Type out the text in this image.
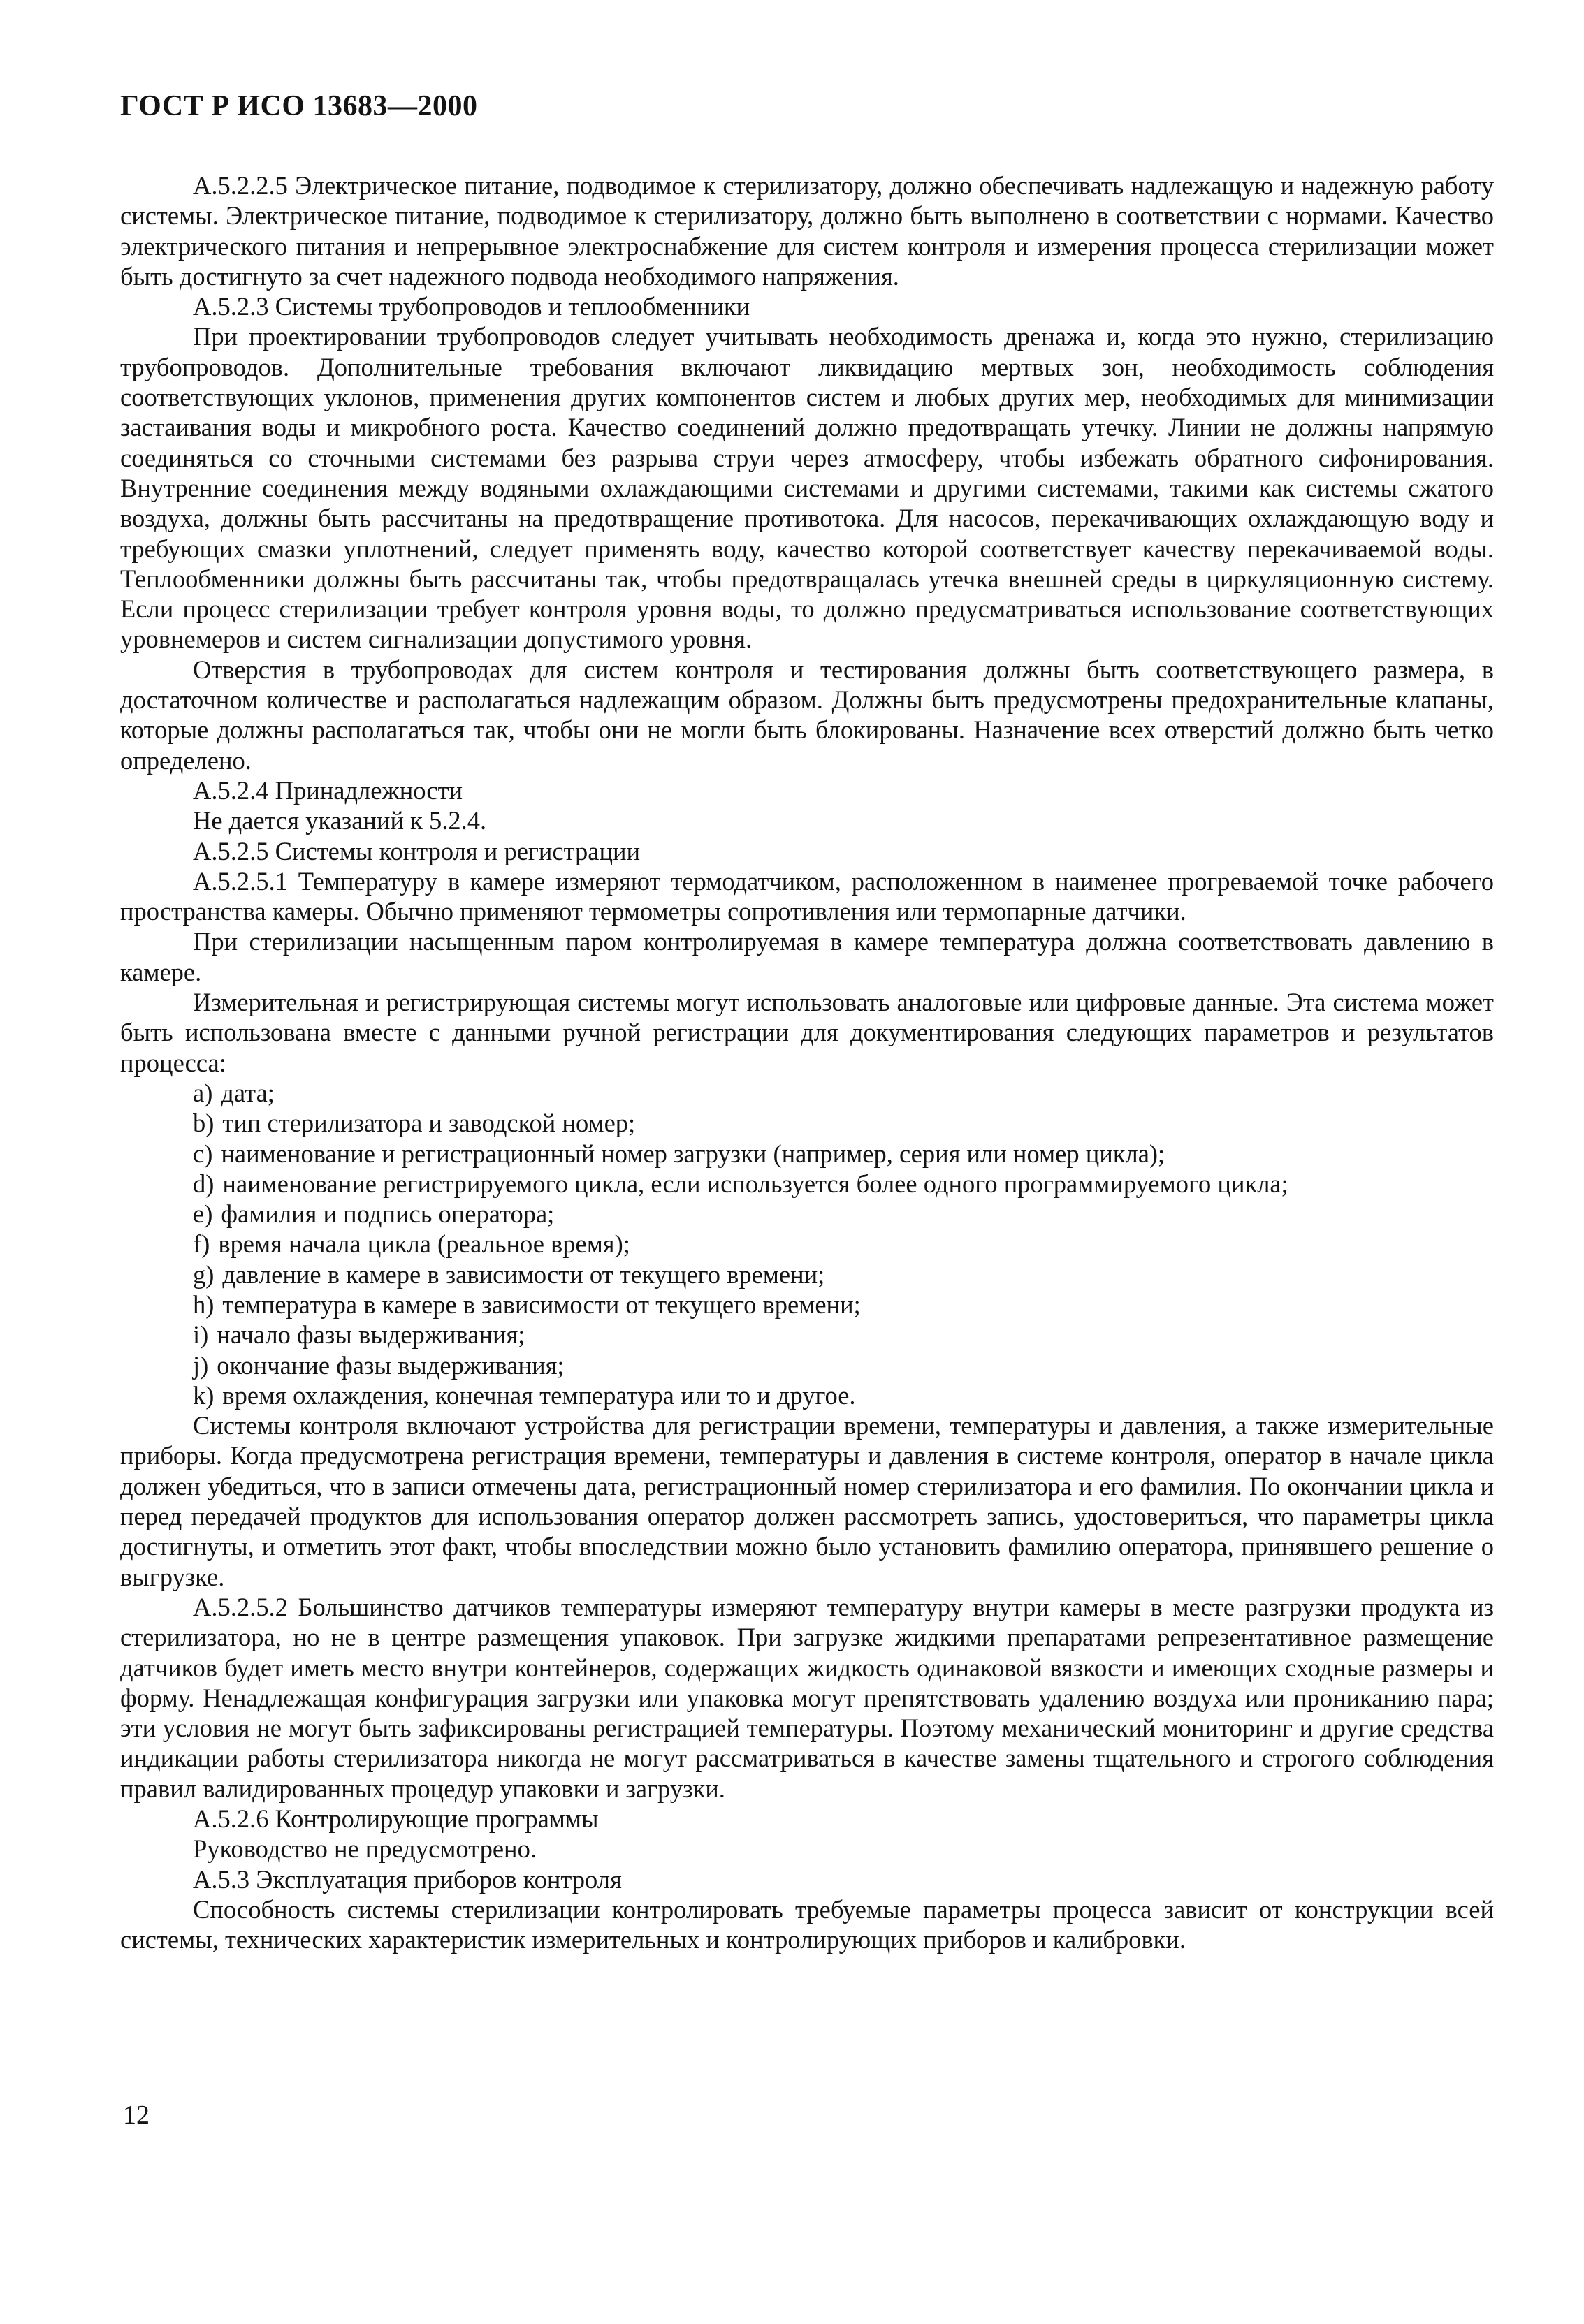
ГОСТ Р ИСО 13683—2000

А.5.2.2.5 Электрическое питание, подводимое к стерилизатору, должно обеспечивать надлежащую и надежную работу системы. Электрическое питание, подводимое к стерилизатору, должно быть выполнено в соответствии с нормами. Качество электрического питания и непрерывное электроснабжение для систем контроля и измерения процесса стерилизации может быть достигнуто за счет надежного подвода необходимого напряжения.

А.5.2.3 Системы трубопроводов и теплообменники

При проектировании трубопроводов следует учитывать необходимость дренажа и, когда это нужно, стерилизацию трубопроводов. Дополнительные требования включают ликвидацию мертвых зон, необходимость соблюдения соответствующих уклонов, применения других компонентов систем и любых других мер, необходимых для минимизации застаивания воды и микробного роста. Качество соединений должно предотвращать утечку. Линии не должны напрямую соединяться со сточными системами без разрыва струи через атмосферу, чтобы избежать обратного сифонирования. Внутренние соединения между водяными охлаждающими системами и другими системами, такими как системы сжатого воздуха, должны быть рассчитаны на предотвращение противотока. Для насосов, перекачивающих охлаждающую воду и требующих смазки уплотнений, следует применять воду, качество которой соответствует качеству перекачиваемой воды. Теплообменники должны быть рассчитаны так, чтобы предотвращалась утечка внешней среды в циркуляционную систему. Если процесс стерилизации требует контроля уровня воды, то должно предусматриваться использование соответствующих уровнемеров и систем сигнализации допустимого уровня.

Отверстия в трубопроводах для систем контроля и тестирования должны быть соответствующего размера, в достаточном количестве и располагаться надлежащим образом. Должны быть предусмотрены предохранительные клапаны, которые должны располагаться так, чтобы они не могли быть блокированы. Назначение всех отверстий должно быть четко определено.

А.5.2.4 Принадлежности

Не дается указаний к 5.2.4.

А.5.2.5 Системы контроля и регистрации

А.5.2.5.1 Температуру в камере измеряют термодатчиком, расположенном в наименее прогреваемой точке рабочего пространства камеры. Обычно применяют термометры сопротивления или термопарные датчики.

При стерилизации насыщенным паром контролируемая в камере температура должна соответствовать давлению в камере.

Измерительная и регистрирующая системы могут использовать аналоговые или цифровые данные. Эта система может быть использована вместе с данными ручной регистрации для документирования следующих параметров и результатов процесса:

a) дата;
b) тип стерилизатора и заводской номер;
c) наименование и регистрационный номер загрузки (например, серия или номер цикла);
d) наименование регистрируемого цикла, если используется более одного программируемого цикла;
e) фамилия и подпись оператора;
f) время начала цикла (реальное время);
g) давление в камере в зависимости от текущего времени;
h) температура в камере в зависимости от текущего времени;
i) начало фазы выдерживания;
j) окончание фазы выдерживания;
k) время охлаждения, конечная температура или то и другое.

Системы контроля включают устройства для регистрации времени, температуры и давления, а также измерительные приборы. Когда предусмотрена регистрация времени, температуры и давления в системе контроля, оператор в начале цикла должен убедиться, что в записи отмечены дата, регистрационный номер стерилизатора и его фамилия. По окончании цикла и перед передачей продуктов для использования оператор должен рассмотреть запись, удостовериться, что параметры цикла достигнуты, и отметить этот факт, чтобы впоследствии можно было установить фамилию оператора, принявшего решение о выгрузке.

А.5.2.5.2 Большинство датчиков температуры измеряют температуру внутри камеры в месте разгрузки продукта из стерилизатора, но не в центре размещения упаковок. При загрузке жидкими препаратами репрезентативное размещение датчиков будет иметь место внутри контейнеров, содержащих жидкость одинаковой вязкости и имеющих сходные размеры и форму. Ненадлежащая конфигурация загрузки или упаковка могут препятствовать удалению воздуха или прониканию пара; эти условия не могут быть зафиксированы регистрацией температуры. Поэтому механический мониторинг и другие средства индикации работы стерилизатора никогда не могут рассматриваться в качестве замены тщательного и строгого соблюдения правил валидированных процедур упаковки и загрузки.

А.5.2.6 Контролирующие программы

Руководство не предусмотрено.

А.5.3 Эксплуатация приборов контроля

Способность системы стерилизации контролировать требуемые параметры процесса зависит от конструкции всей системы, технических характеристик измерительных и контролирующих приборов и калибровки.

12
